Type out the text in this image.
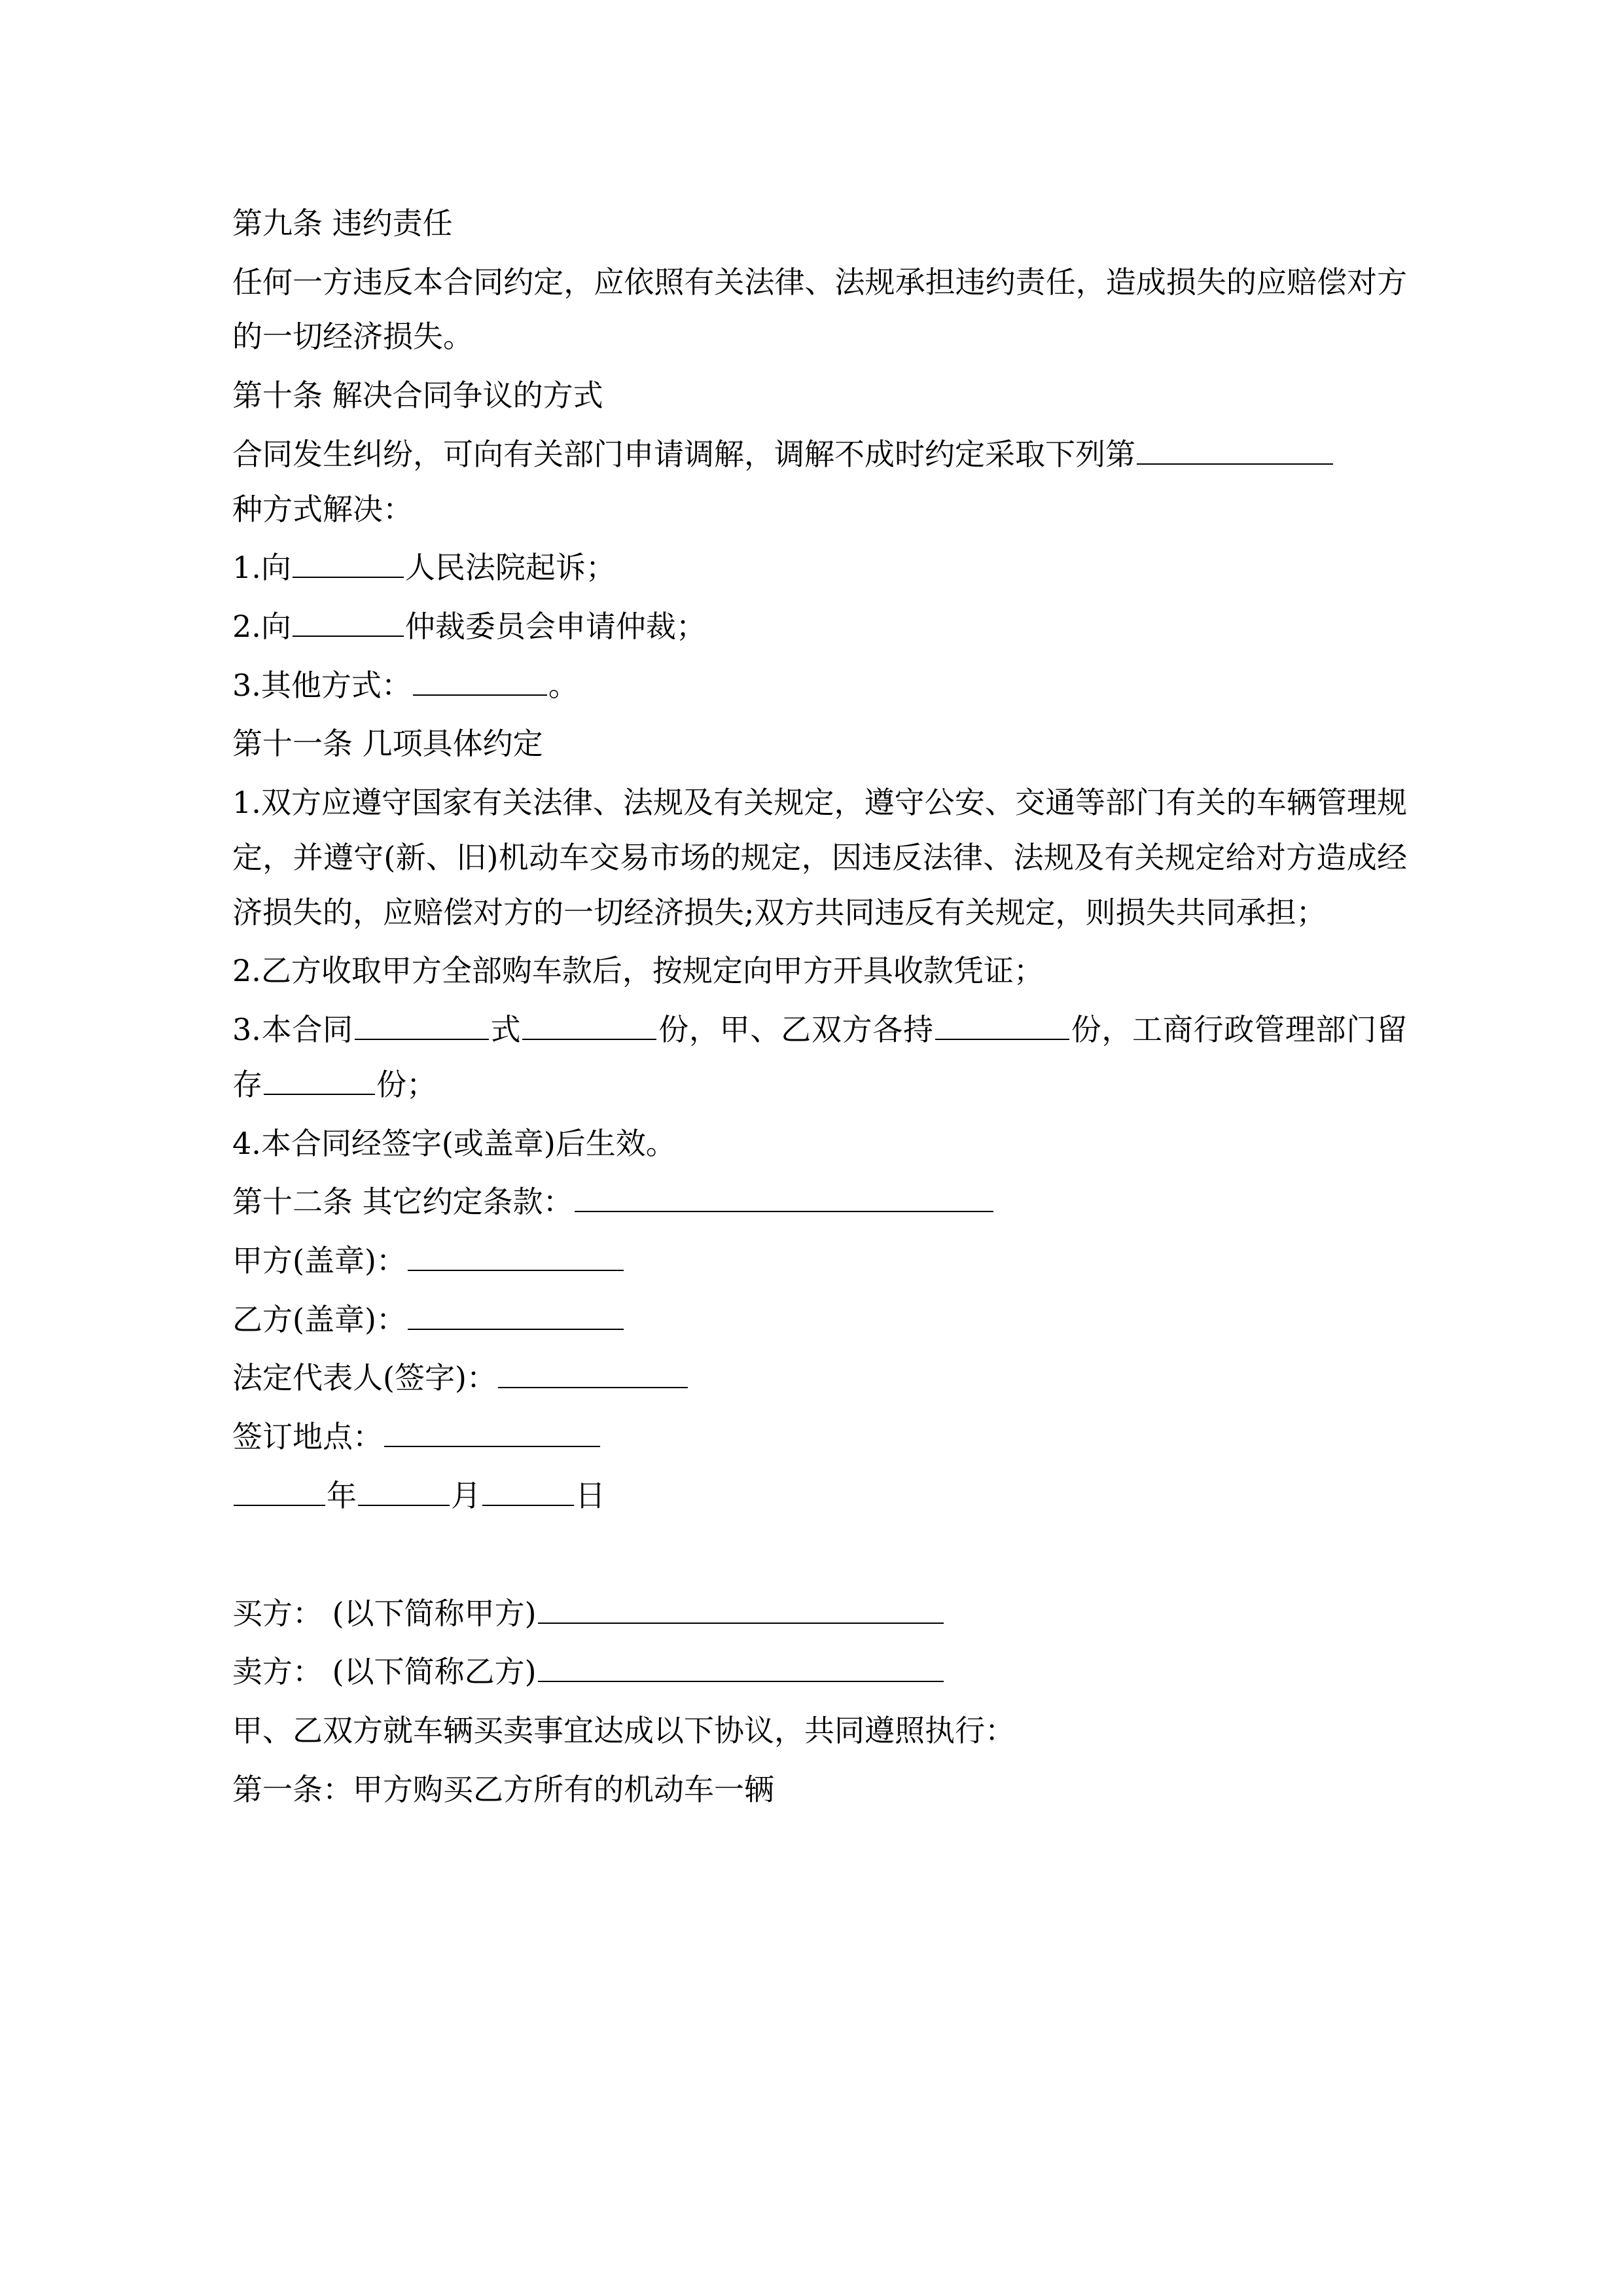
第九条 违约责任

任何一方违反本合同约定，应依照有关法律、法规承担违约责任，造成损失的应赔偿对方的一切经济损失。

第十条 解决合同争议的方式

合同发生纠纷，可向有关部门申请调解，调解不成时约定采取下列第
种方式解决：

1.向	人民法院起诉；

2.向	仲裁委员会申请仲裁；

3.其他方式：	。

第十一条 几项具体约定

1.双方应遵守国家有关法律、法规及有关规定，遵守公安、交通等部门有关的车辆管理规定，并遵守(新、旧)机动车交易市场的规定，因违反法律、法规及有关规定给对方造成经济损失的，应赔偿对方的一切经济损失;双方共同违反有关规定，则损失共同承担；

2.乙方收取甲方全部购车款后，按规定向甲方开具收款凭证；

3.本合同	式	份，甲、乙双方各持	份，工商行政管理部门留存	份；

4.本合同经签字(或盖章)后生效。

第十二条 其它约定条款：

甲方(盖章)：

乙方(盖章)：

法定代表人(签字)：

签订地点：

年	月	日

买方： (以下简称甲方)

卖方： (以下简称乙方)

甲、乙双方就车辆买卖事宜达成以下协议，共同遵照执行：

第一条：甲方购买乙方所有的机动车一辆
